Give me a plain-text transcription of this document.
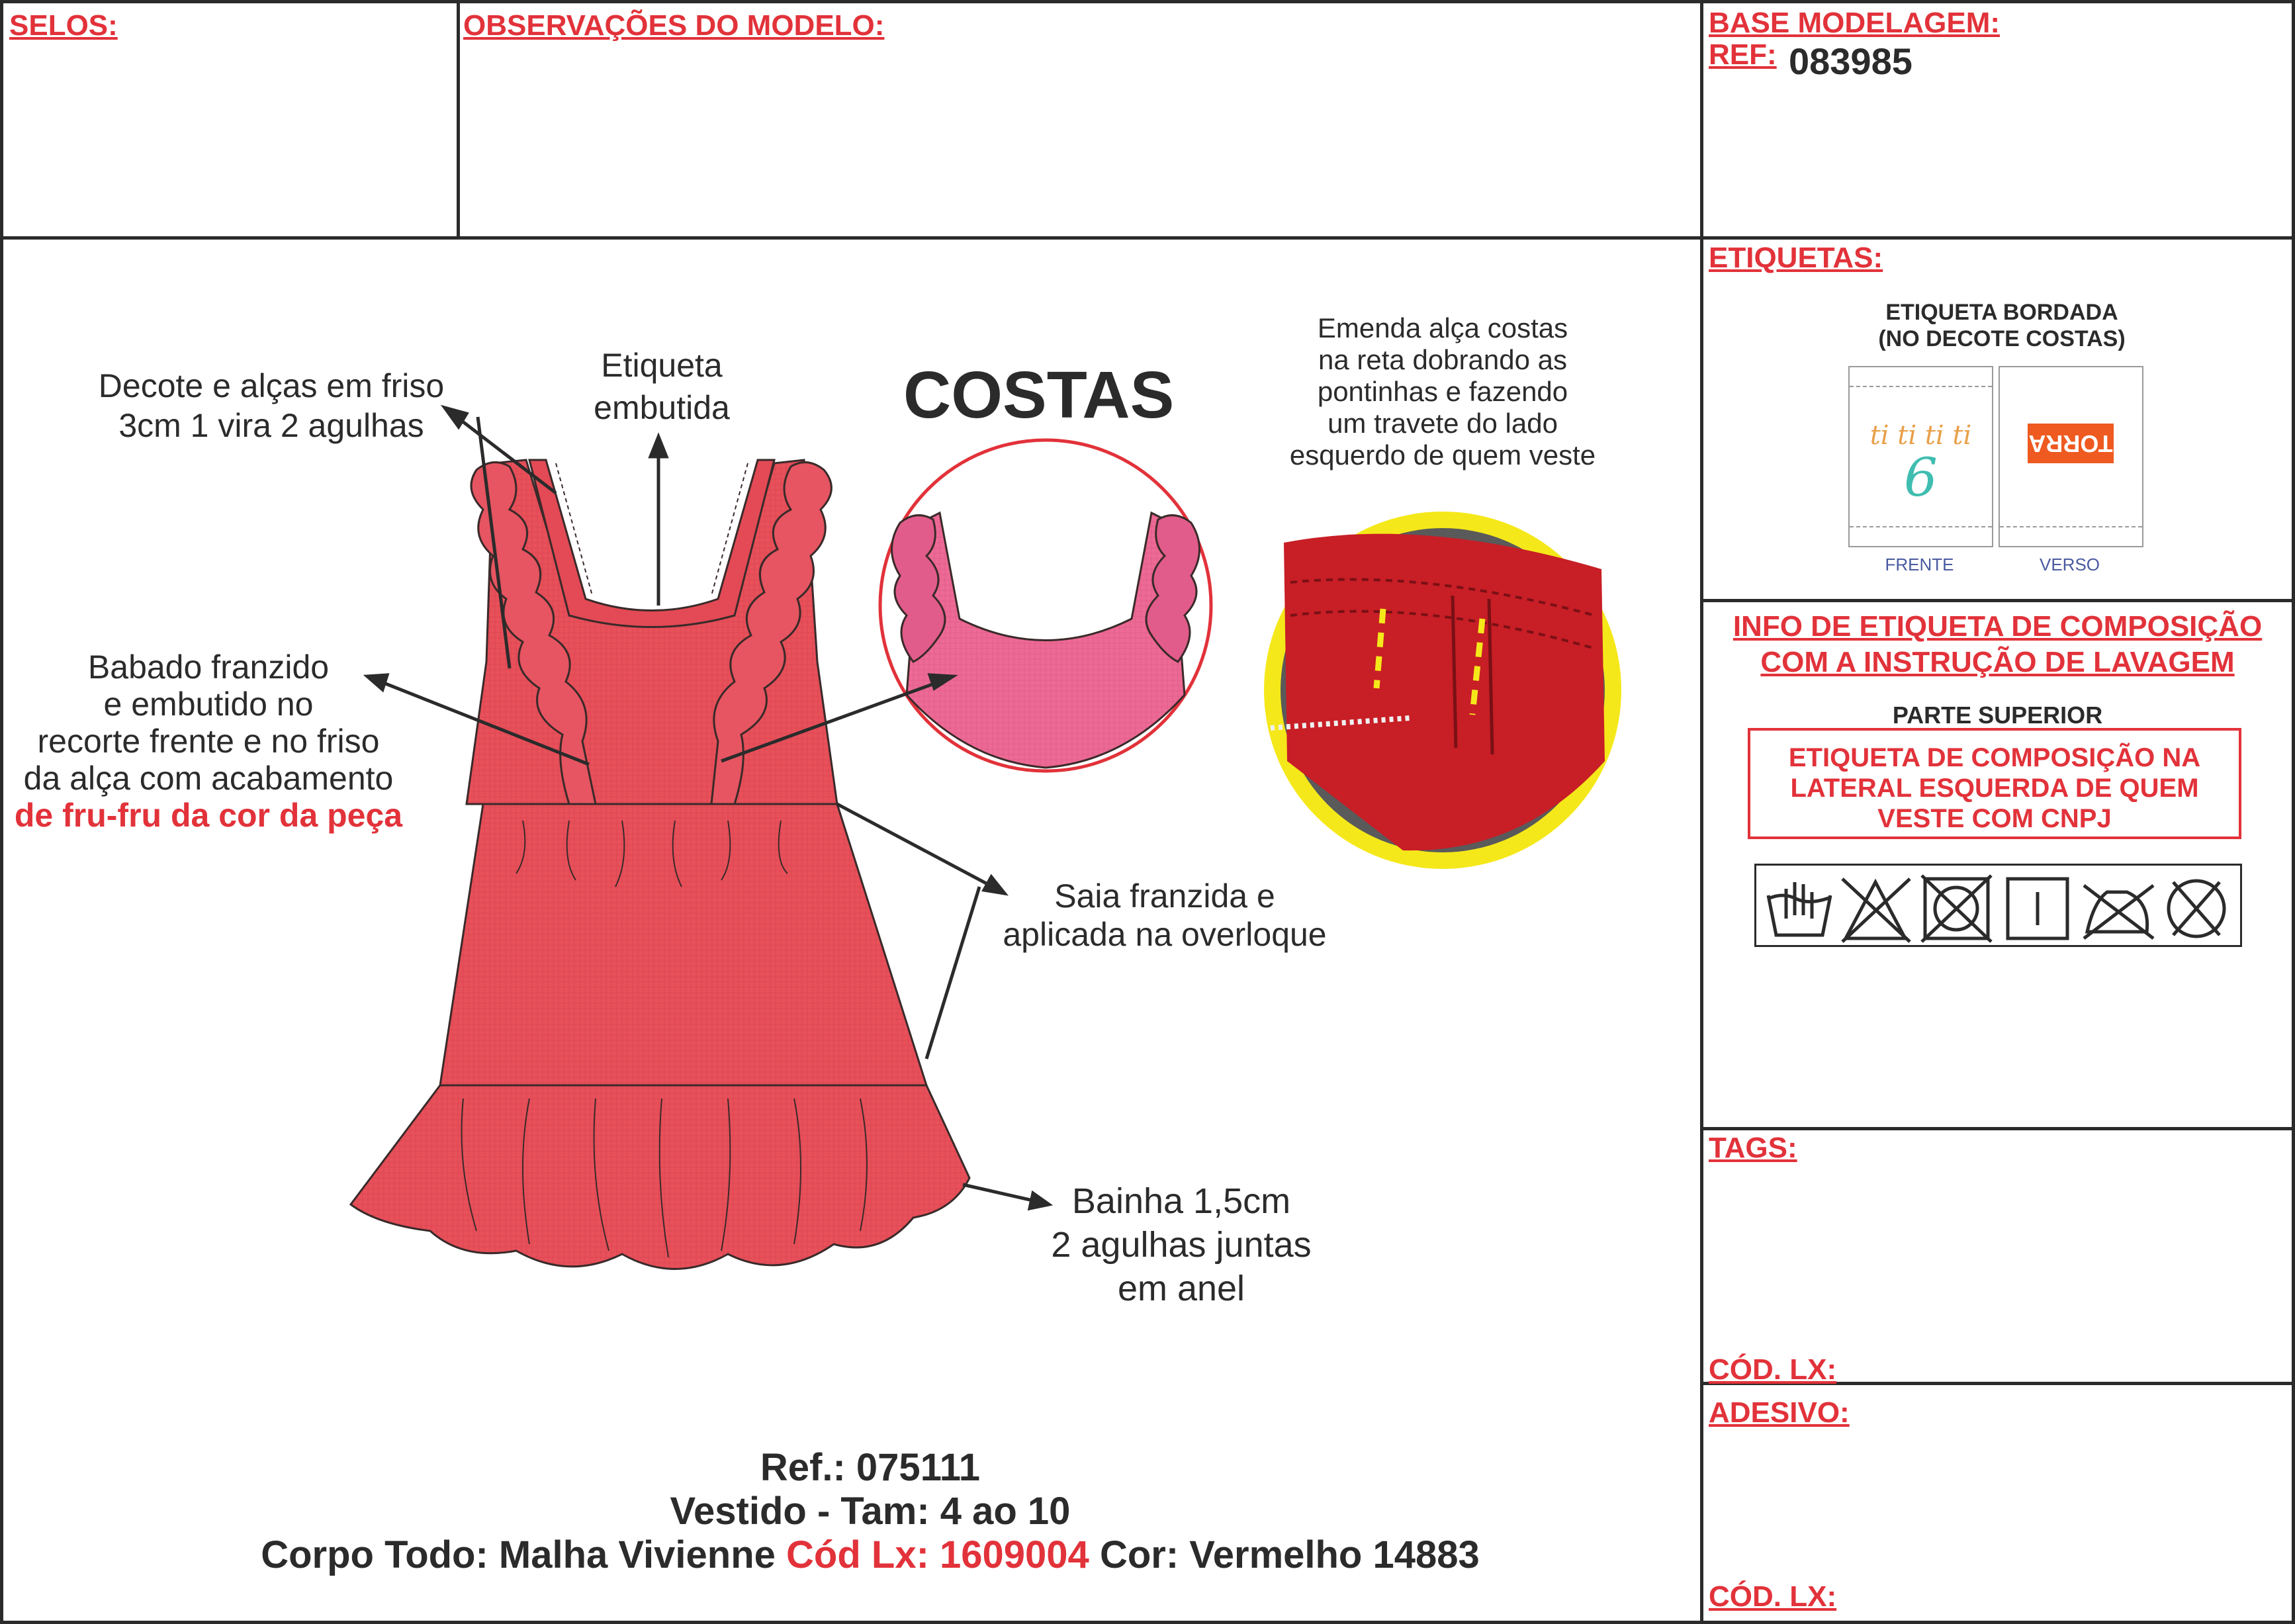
SELOS:	OBSERVAÇÕES DO MODELO:	BASE MODELAGEM:
REF: 083985
Decote e alças em friso
3cm 1 vira 2 agulhas
Etiqueta
embutida	COSTAS
Emenda alça costas
na reta dobrando as
pontinhas e fazendo
um travete do lado
esquerdo de quem veste
Babado franzido
e embutido no
recorte frente e no friso
da alça com acabamento
de fru-fru da cor da peça
Saia franzida e
aplicada na overloque
Bainha 1,5cm
2 agulhas juntas
em anel
Ref.: 075111
Vestido - Tam: 4 ao 10
Corpo Todo: Malha Vivienne Cód Lx: 1609004 Cor: Vermelho 14883
ETIQUETAS:
ETIQUETA BORDADA
(NO DECOTE COSTAS)
ti ti ti ti
6
TORRA
FRENTE	VERSO
INFO DE ETIQUETA DE COMPOSIÇÃO
COM A INSTRUÇÃO DE LAVAGEM
PARTE SUPERIOR
ETIQUETA DE COMPOSIÇÃO NA
LATERAL ESQUERDA DE QUEM
VESTE COM CNPJ
TAGS:
CÓD. LX:
ADESIVO:
CÓD. LX:
